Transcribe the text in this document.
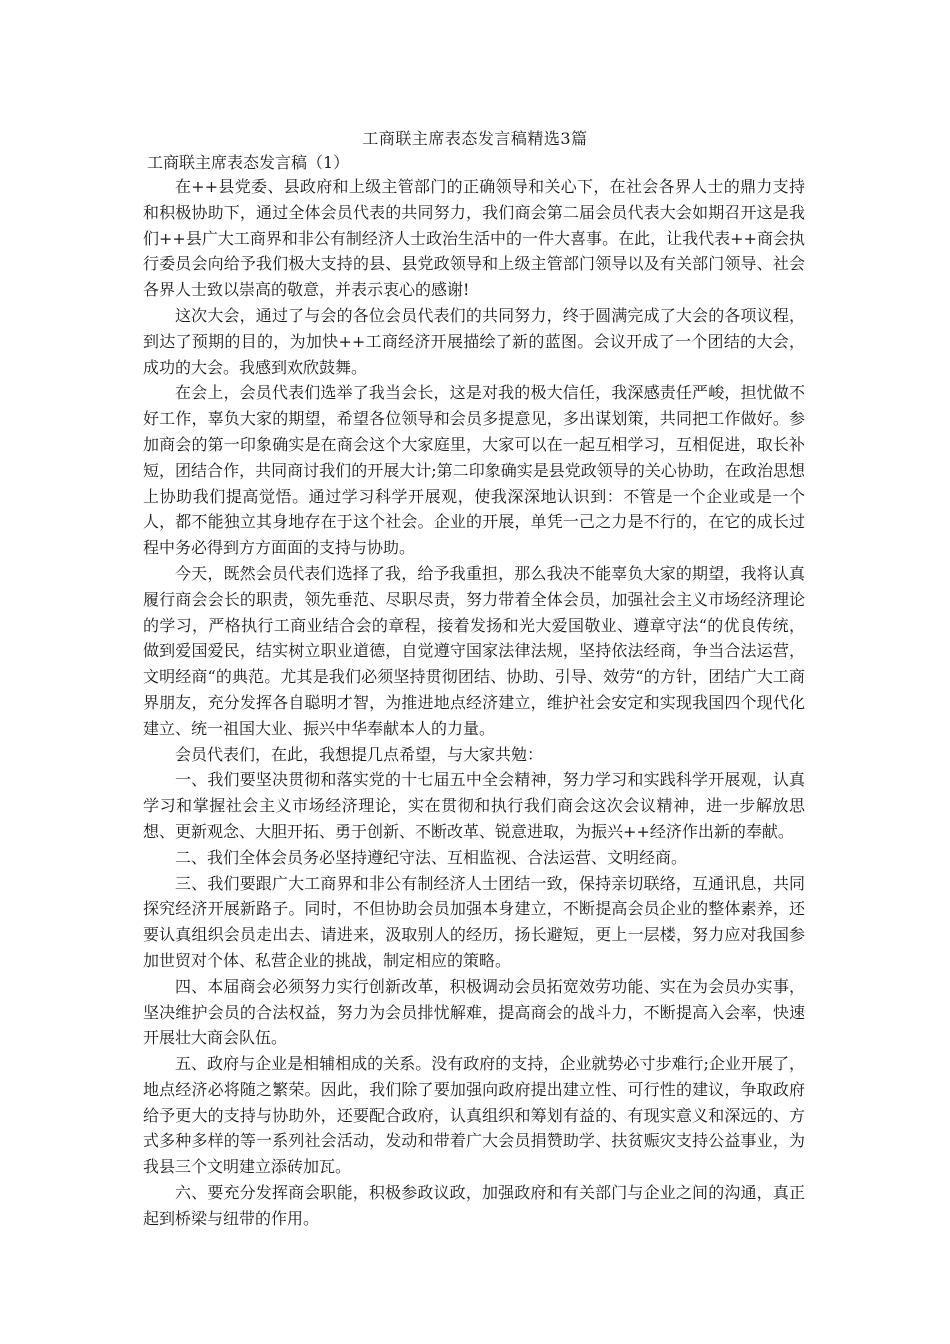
工商联主席表态发言稿精选3篇
工商联主席表态发言稿（1）

在++县党委、县政府和上级主管部门的正确领导和关心下，在社会各界人士的鼎力支持和积极协助下，通过全体会员代表的共同努力，我们商会第二届会员代表大会如期召开这是我们++县广大工商界和非公有制经济人士政治生活中的一件大喜事。在此，让我代表++商会执行委员会向给予我们极大支持的县、县党政领导和上级主管部门领导以及有关部门领导、社会各界人士致以崇高的敬意，并表示衷心的感谢!

这次大会，通过了与会的各位会员代表们的共同努力，终于圆满完成了大会的各项议程，到达了预期的目的，为加快++工商经济开展描绘了新的蓝图。会议开成了一个团结的大会，成功的大会。我感到欢欣鼓舞。

在会上，会员代表们选举了我当会长，这是对我的极大信任，我深感责任严峻，担忧做不好工作，辜负大家的期望，希望各位领导和会员多提意见，多出谋划策，共同把工作做好。参加商会的第一印象确实是在商会这个大家庭里，大家可以在一起互相学习，互相促进，取长补短，团结合作，共同商讨我们的开展大计;第二印象确实是县党政领导的关心协助，在政治思想上协助我们提高觉悟。通过学习科学开展观，使我深深地认识到：不管是一个企业或是一个人，都不能独立其身地存在于这个社会。企业的开展，单凭一己之力是不行的，在它的成长过程中务必得到方方面面的支持与协助。

今天，既然会员代表们选择了我，给予我重担，那么我决不能辜负大家的期望，我将认真履行商会会长的职责，领先垂范、尽职尽责，努力带着全体会员，加强社会主义市场经济理论的学习，严格执行工商业结合会的章程，接着发扬和光大爱国敬业、遵章守法“的优良传统，做到爱国爱民，结实树立职业道德，自觉遵守国家法律法规，坚持依法经商，争当合法运营，文明经商“的典范。尤其是我们必须坚持贯彻团结、协助、引导、效劳“的方针，团结广大工商界朋友，充分发挥各自聪明才智，为推进地点经济建立，维护社会安定和实现我国四个现代化建立、统一祖国大业、振兴中华奉献本人的力量。

会员代表们，在此，我想提几点希望，与大家共勉：

一、我们要坚决贯彻和落实党的十七届五中全会精神，努力学习和实践科学开展观，认真学习和掌握社会主义市场经济理论，实在贯彻和执行我们商会这次会议精神，进一步解放思想、更新观念、大胆开拓、勇于创新、不断改革、锐意进取，为振兴++经济作出新的奉献。

二、我们全体会员务必坚持遵纪守法、互相监视、合法运营、文明经商。

三、我们要跟广大工商界和非公有制经济人士团结一致，保持亲切联络，互通讯息，共同探究经济开展新路子。同时，不但协助会员加强本身建立，不断提高会员企业的整体素养，还要认真组织会员走出去、请进来，汲取别人的经历，扬长避短，更上一层楼，努力应对我国参加世贸对个体、私营企业的挑战，制定相应的策略。

四、本届商会必须努力实行创新改革，积极调动会员拓宽效劳功能、实在为会员办实事，坚决维护会员的合法权益，努力为会员排忧解难，提高商会的战斗力，不断提高入会率，快速开展壮大商会队伍。

五、政府与企业是相辅相成的关系。没有政府的支持，企业就势必寸步难行;企业开展了，地点经济必将随之繁荣。因此，我们除了要加强向政府提出建立性、可行性的建议，争取政府给予更大的支持与协助外，还要配合政府，认真组织和筹划有益的、有现实意义和深远的、方式多种多样的等一系列社会活动，发动和带着广大会员捐赞助学、扶贫赈灾支持公益事业，为我县三个文明建立添砖加瓦。

六、要充分发挥商会职能，积极参政议政，加强政府和有关部门与企业之间的沟通，真正起到桥梁与纽带的作用。
